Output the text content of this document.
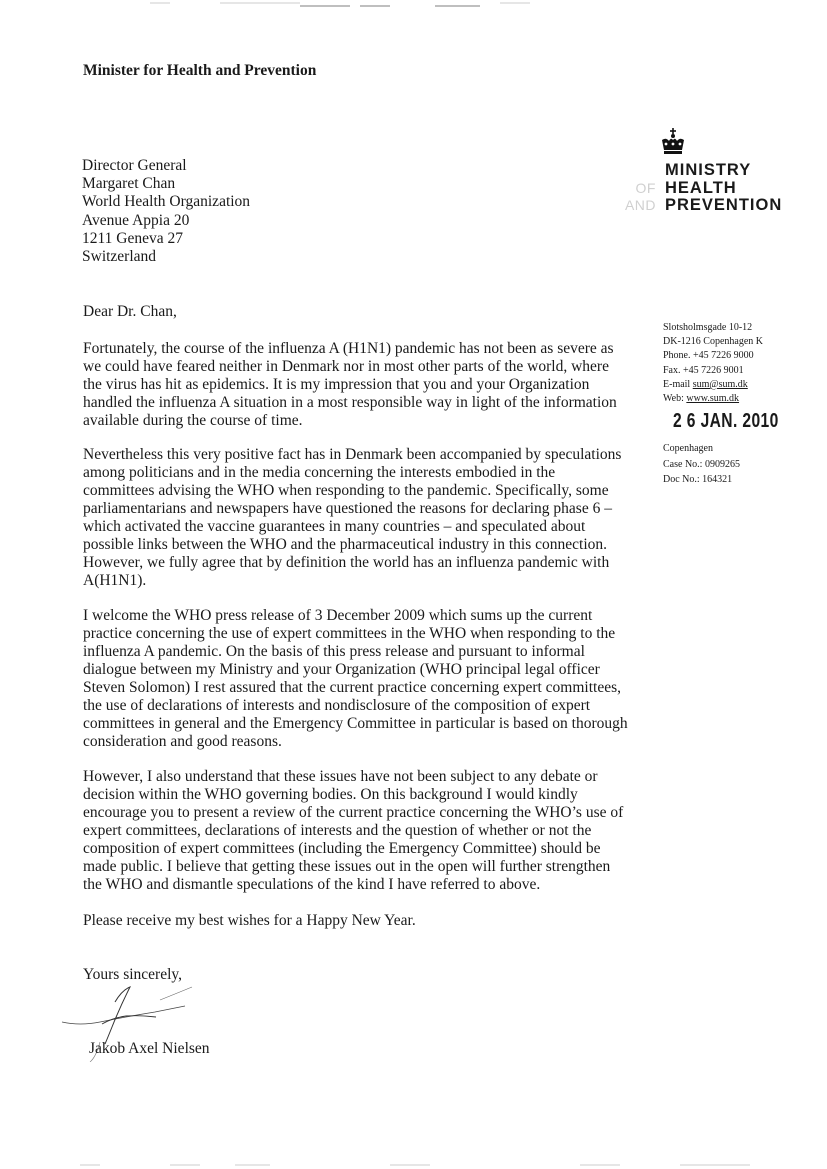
Minister for Health and Prevention
Director General
Margaret Chan
World Health Organization
Avenue Appia 20
1211 Geneva 27
Switzerland
MINISTRY
OF HEALTH
AND PREVENTION
Slotsholmsgade 10-12
DK-1216 Copenhagen K
Phone. +45 7226 9000
Fax. +45 7226 9001
E-mail sum@sum.dk
Web: www.sum.dk
2 6 JAN. 2010
Copenhagen
Case No.: 0909265
Doc No.: 164321
Dear Dr. Chan,
Fortunately, the course of the influenza A (H1N1) pandemic has not been as severe as
we could have feared neither in Denmark nor in most other parts of the world, where
the virus has hit as epidemics. It is my impression that you and your Organization
handled the influenza A situation in a most responsible way in light of the information
available during the course of time.
Nevertheless this very positive fact has in Denmark been accompanied by speculations
among politicians and in the media concerning the interests embodied in the
committees advising the WHO when responding to the pandemic. Specifically, some
parliamentarians and newspapers have questioned the reasons for declaring phase 6 –
which activated the vaccine guarantees in many countries – and speculated about
possible links between the WHO and the pharmaceutical industry in this connection.
However, we fully agree that by definition the world has an influenza pandemic with
A(H1N1).
I welcome the WHO press release of 3 December 2009 which sums up the current
practice concerning the use of expert committees in the WHO when responding to the
influenza A pandemic. On the basis of this press release and pursuant to informal
dialogue between my Ministry and your Organization (WHO principal legal officer
Steven Solomon) I rest assured that the current practice concerning expert committees,
the use of declarations of interests and nondisclosure of the composition of expert
committees in general and the Emergency Committee in particular is based on thorough
consideration and good reasons.
However, I also understand that these issues have not been subject to any debate or
decision within the WHO governing bodies. On this background I would kindly
encourage you to present a review of the current practice concerning the WHO’s use of
expert committees, declarations of interests and the question of whether or not the
composition of expert committees (including the Emergency Committee) should be
made public. I believe that getting these issues out in the open will further strengthen
the WHO and dismantle speculations of the kind I have referred to above.
Please receive my best wishes for a Happy New Year.
Yours sincerely,
Jakob Axel Nielsen
